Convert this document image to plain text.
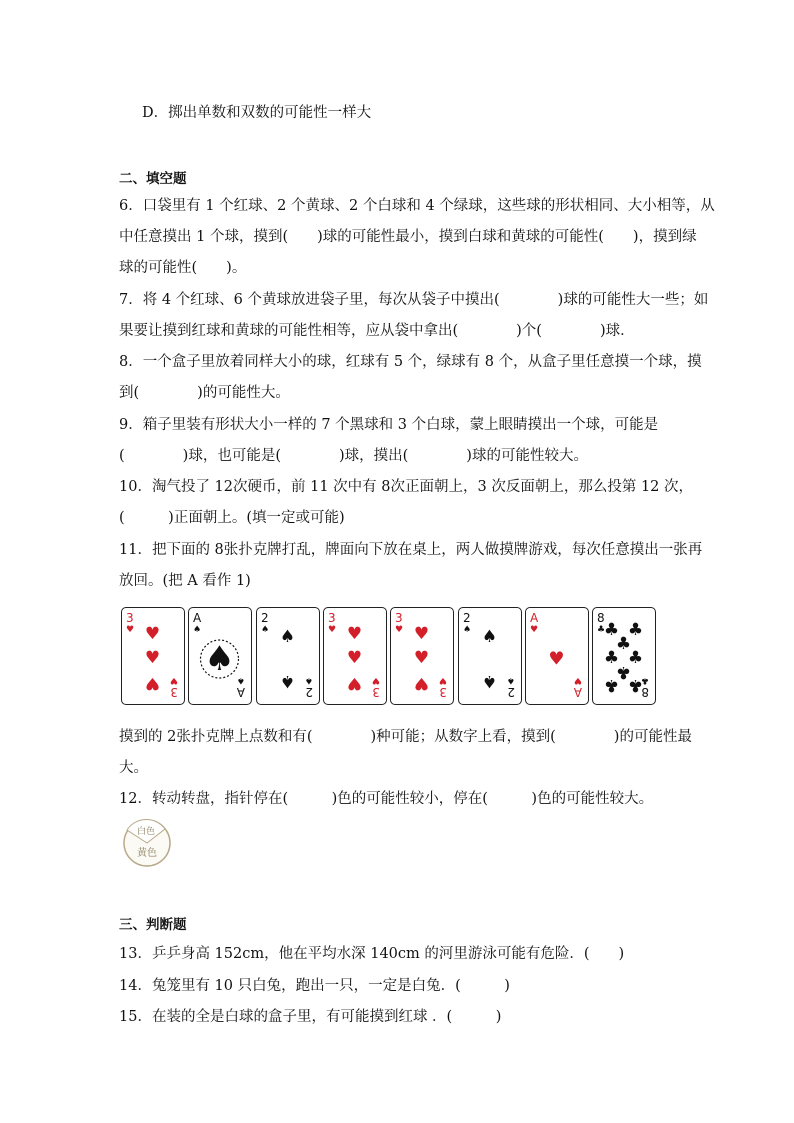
D．掷出单数和双数的可能性一样大
二、填空题
6．口袋里有 1 个红球、2 个黄球、2 个白球和 4 个绿球，这些球的形状相同、大小相等，从
中任意摸出 1 个球，摸到(　　)球的可能性最小，摸到白球和黄球的可能性(　　)，摸到绿
球的可能性(　　)。
7．将 4 个红球、6 个黄球放进袋子里，每次从袋子中摸出(　　　　)球的可能性大一些；如
果要让摸到红球和黄球的可能性相等，应从袋中拿出(　　　　)个(　　　　)球．
8．一个盒子里放着同样大小的球，红球有 5 个，绿球有 8 个，从盒子里任意摸一个球，摸
到(　　　　)的可能性大。
9．箱子里装有形状大小一样的 7 个黑球和 3 个白球，蒙上眼睛摸出一个球，可能是
(　　　　)球，也可能是(　　　　)球，摸出(　　　　)球的可能性较大。
10．淘气投了 12次硬币，前 11 次中有 8次正面朝上，3 次反面朝上，那么投第 12 次，
(　　　)正面朝上。(填一定或可能)
11．把下面的 8张扑克牌打乱，牌面向下放在桌上，两人做摸牌游戏，每次任意摸出一张再
放回。(把 A 看作 1)
3
♥
3
♥
♥
♥
♥
A
♠
A
♠
♠
2
♠
2
♠
♠
♠
3
♥
3
♥
♥
♥
♥
3
♥
3
♥
♥
♥
♥
2
♠
2
♠
♠
♠
A
♥
A
♥
♥
8
♣
8
♣
♣ ♣
♣
♣ ♣
♣
♣ ♣
摸到的 2张扑克牌上点数和有(　　　　)种可能；从数字上看，摸到(　　　　)的可能性最
大。
12．转动转盘，指针停在(　　　)色的可能性较小，停在(　　　)色的可能性较大。
白色
黄色
三、判断题
13．乒乒身高 152cm，他在平均水深 140cm 的河里游泳可能有危险．(　　)
14．兔笼里有 10 只白兔，跑出一只，一定是白兔．(　　　)
15．在装的全是白球的盒子里，有可能摸到红球 ．(　　　)
